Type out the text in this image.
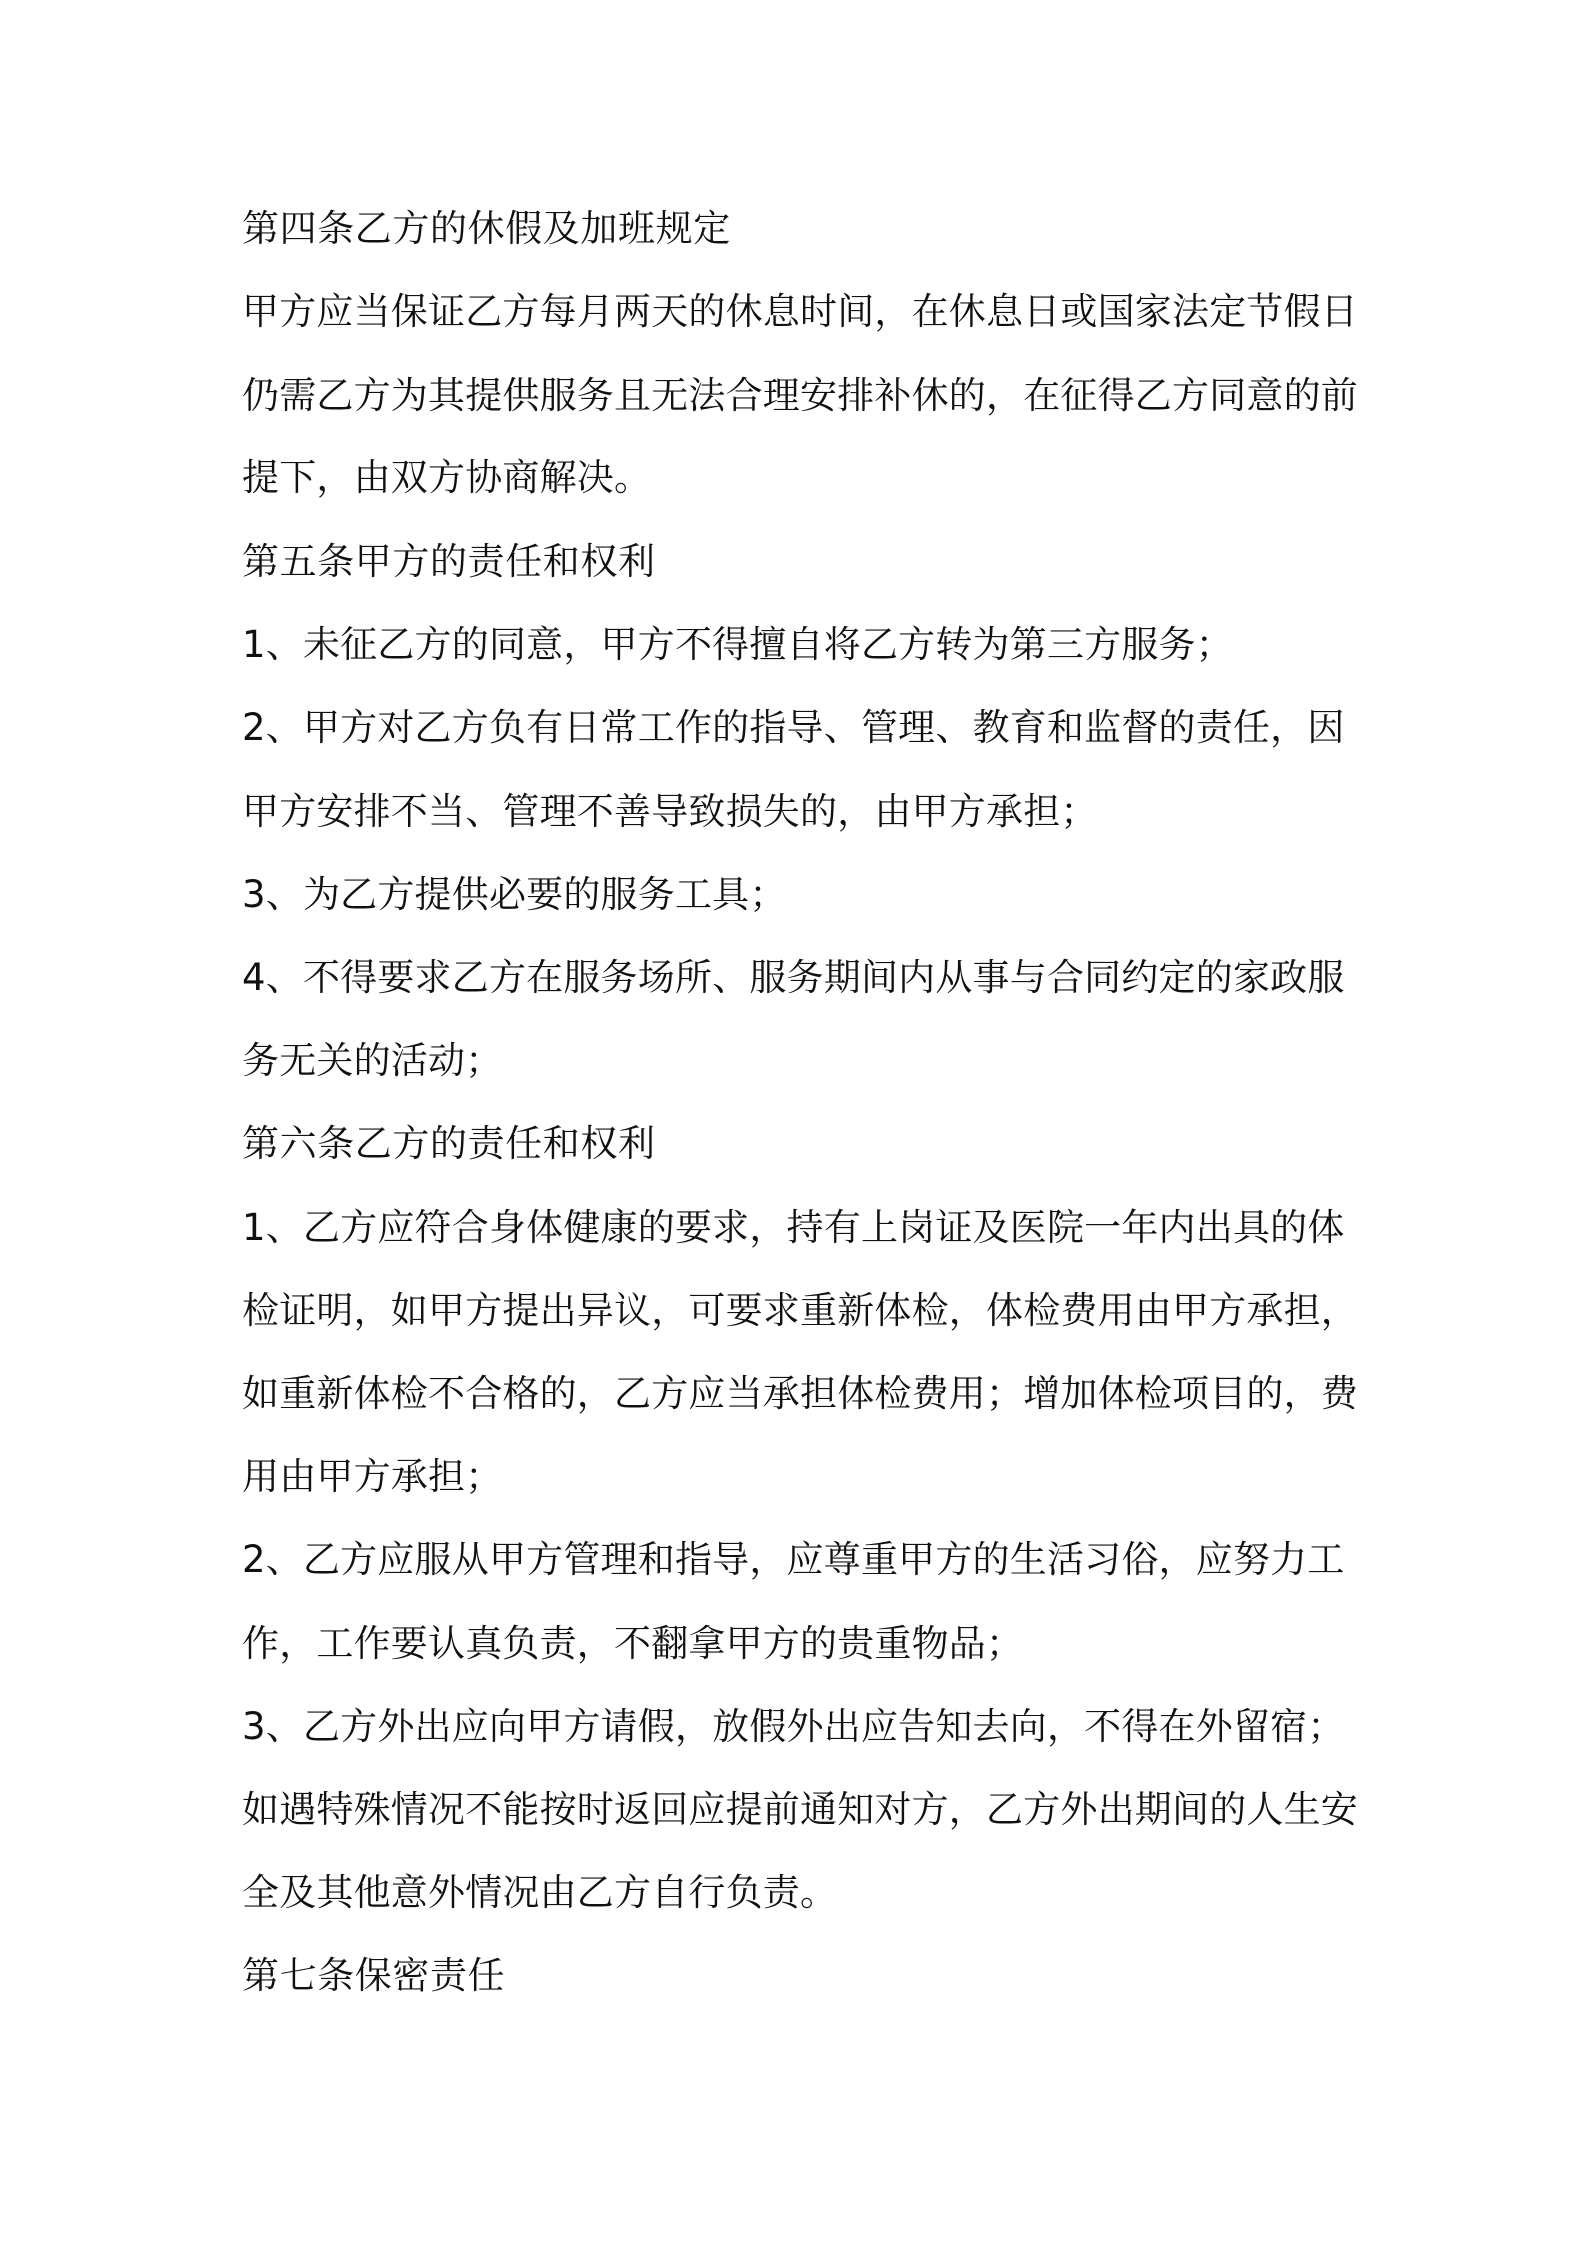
第四条乙方的休假及加班规定
甲方应当保证乙方每月两天的休息时间，在休息日或国家法定节假日
仍需乙方为其提供服务且无法合理安排补休的，在征得乙方同意的前
提下，由双方协商解决。
第五条甲方的责任和权利
1、未征乙方的同意，甲方不得擅自将乙方转为第三方服务；
2、甲方对乙方负有日常工作的指导、管理、教育和监督的责任，因
甲方安排不当、管理不善导致损失的，由甲方承担；
3、为乙方提供必要的服务工具；
4、不得要求乙方在服务场所、服务期间内从事与合同约定的家政服
务无关的活动；
第六条乙方的责任和权利
1、乙方应符合身体健康的要求，持有上岗证及医院一年内出具的体
检证明，如甲方提出异议，可要求重新体检，体检费用由甲方承担，
如重新体检不合格的，乙方应当承担体检费用；增加体检项目的，费
用由甲方承担；
2、乙方应服从甲方管理和指导，应尊重甲方的生活习俗，应努力工
作，工作要认真负责，不翻拿甲方的贵重物品；
3、乙方外出应向甲方请假，放假外出应告知去向，不得在外留宿；
如遇特殊情况不能按时返回应提前通知对方，乙方外出期间的人生安
全及其他意外情况由乙方自行负责。
第七条保密责任
